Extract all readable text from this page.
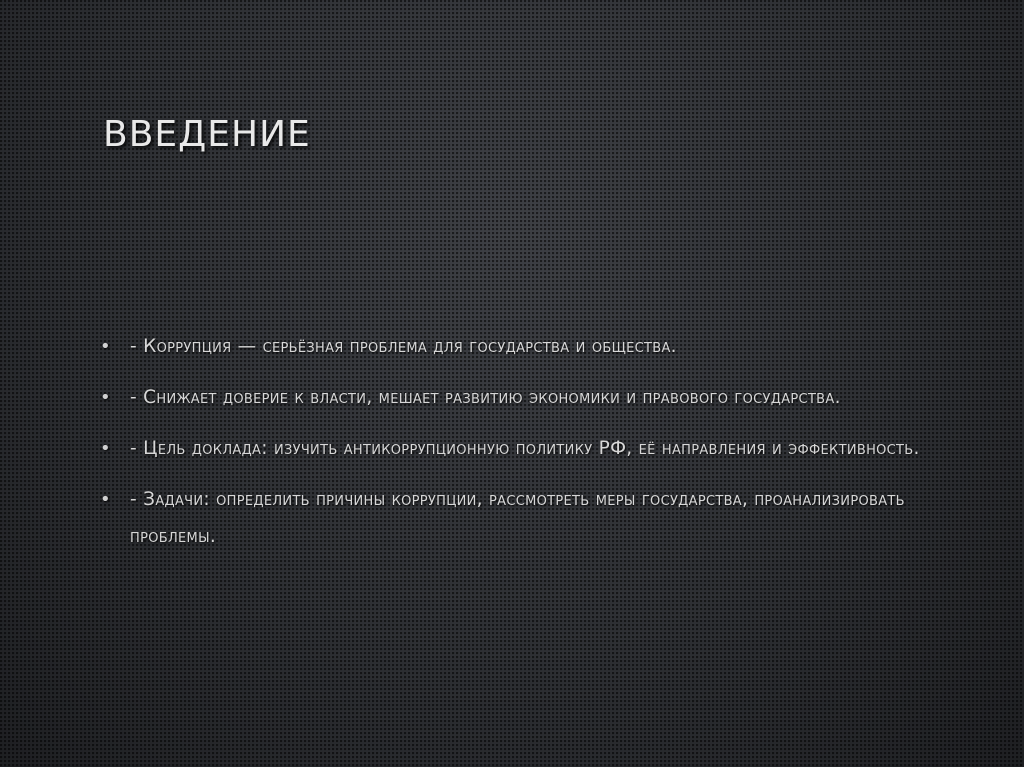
ВВЕДЕНИЕ
• - Коррупция — серьёзная проблема для государства и общества.
• - Снижает доверие к власти, мешает развитию экономики и правового государства.
• - Цель доклада: изучить антикоррупционную политику РФ, её направления и эффективность.
• - Задачи: определить причины коррупции, рассмотреть меры государства, проанализировать проблемы.
